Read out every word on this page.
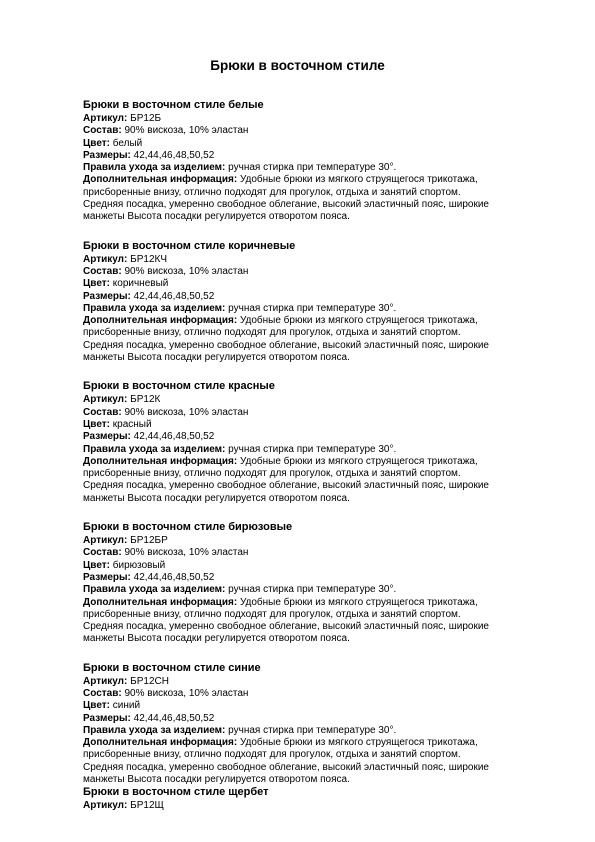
Брюки в восточном стиле
Брюки в восточном стиле белые
Артикул: БР12Б
Состав: 90% вискоза, 10% эластан
Цвет: белый
Размеры: 42,44,46,48,50,52
Правила ухода за изделием: ручная стирка при температуре 30°.
Дополнительная информация: Удобные брюки из мягкого струящегося трикотажа,
присборенные внизу, отлично подходят для прогулок, отдыха и занятий спортом.
Средняя посадка, умеренно свободное облегание, высокий эластичный пояс, широкие
манжеты Высота посадки регулируется отворотом пояса.
Брюки в восточном стиле коричневые
Артикул: БР12КЧ
Состав: 90% вискоза, 10% эластан
Цвет: коричневый
Размеры: 42,44,46,48,50,52
Правила ухода за изделием: ручная стирка при температуре 30°.
Дополнительная информация: Удобные брюки из мягкого струящегося трикотажа,
присборенные внизу, отлично подходят для прогулок, отдыха и занятий спортом.
Средняя посадка, умеренно свободное облегание, высокий эластичный пояс, широкие
манжеты Высота посадки регулируется отворотом пояса.
Брюки в восточном стиле красные
Артикул: БР12К
Состав: 90% вискоза, 10% эластан
Цвет: красный
Размеры: 42,44,46,48,50,52
Правила ухода за изделием: ручная стирка при температуре 30°.
Дополнительная информация: Удобные брюки из мягкого струящегося трикотажа,
присборенные внизу, отлично подходят для прогулок, отдыха и занятий спортом.
Средняя посадка, умеренно свободное облегание, высокий эластичный пояс, широкие
манжеты Высота посадки регулируется отворотом пояса.
Брюки в восточном стиле бирюзовые
Артикул: БР12БР
Состав: 90% вискоза, 10% эластан
Цвет: бирюзовый
Размеры: 42,44,46,48,50,52
Правила ухода за изделием: ручная стирка при температуре 30°.
Дополнительная информация: Удобные брюки из мягкого струящегося трикотажа,
присборенные внизу, отлично подходят для прогулок, отдыха и занятий спортом.
Средняя посадка, умеренно свободное облегание, высокий эластичный пояс, широкие
манжеты Высота посадки регулируется отворотом пояса.
Брюки в восточном стиле синие
Артикул: БР12СН
Состав: 90% вискоза, 10% эластан
Цвет: синий
Размеры: 42,44,46,48,50,52
Правила ухода за изделием: ручная стирка при температуре 30°.
Дополнительная информация: Удобные брюки из мягкого струящегося трикотажа,
присборенные внизу, отлично подходят для прогулок, отдыха и занятий спортом.
Средняя посадка, умеренно свободное облегание, высокий эластичный пояс, широкие
манжеты Высота посадки регулируется отворотом пояса.
Брюки в восточном стиле щербет
Артикул: БР12Щ
